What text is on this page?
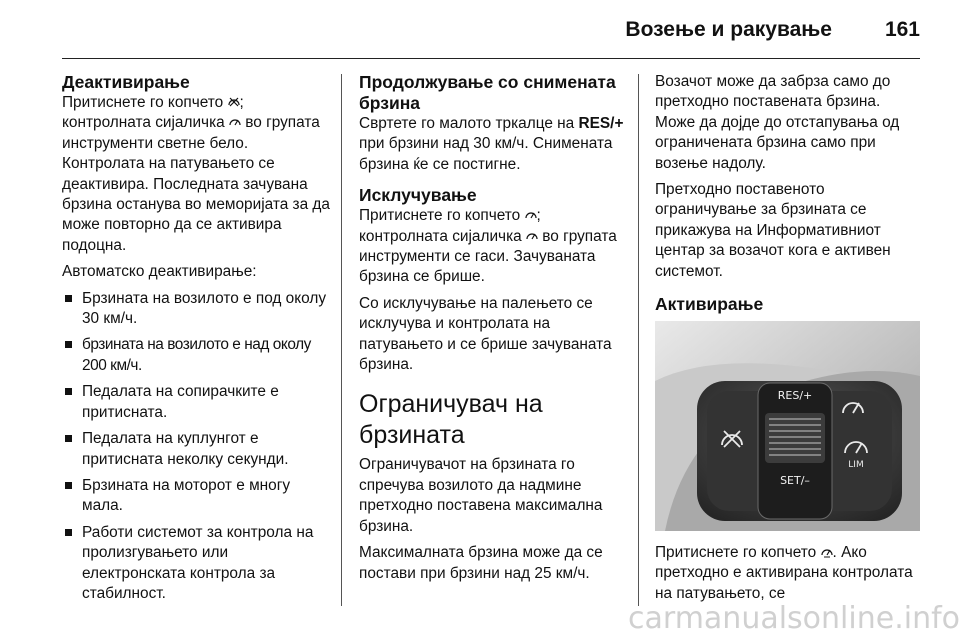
Возење и ракување	161
Деактивирање

Притиснете го копчето ; контролната сијаличка  во групата инструменти светне бело. Контролата на патувањето се деактивира. Последната зачувана брзина останува во меморијата за да може повторно да се активира подоцна.

Автоматско деактивирање:

Брзината на возилото е под околу 30 км/ч.
брзината на возилото е над околу 200 км/ч.
Педалата на сопирачките е притисната.
Педалата на куплунгот е притисната неколку секунди.
Брзината на моторот е многу мала.
Работи системот за контрола на пролизгувањето или електронската контрола за стабилност.
Продолжување со снимената брзина

Свртете го малото тркалце на RES/+ при брзини над 30 км/ч. Снимената брзина ќе се постигне.

Исклучување

Притиснете го копчето ; контролната сијаличка  во групата инструменти се гаси. Зачуваната брзина се брише.

Со исклучување на палењето се исклучува и контролата на патувањето и се брише зачуваната брзина.

Ограничувач на брзината

Ограничувачот на брзината го спречува возилото да надмине претходно поставена максимална брзина.

Максималната брзина може да се постави при брзини над 25 км/ч.

Возачот може да забрза само до претходно поставената брзина. Може да дојде до отстапувања од ограничената брзина само при возење надолу.

Претходно поставеното ограничување за брзината се прикажува на Информативниот центар за возачот кога е активен системот.

Активирање
RES/+
SET/–
LIM

Притиснете го копчето . Ако претходно е активирана контролата на патувањето, се

carmanualsonline.info
